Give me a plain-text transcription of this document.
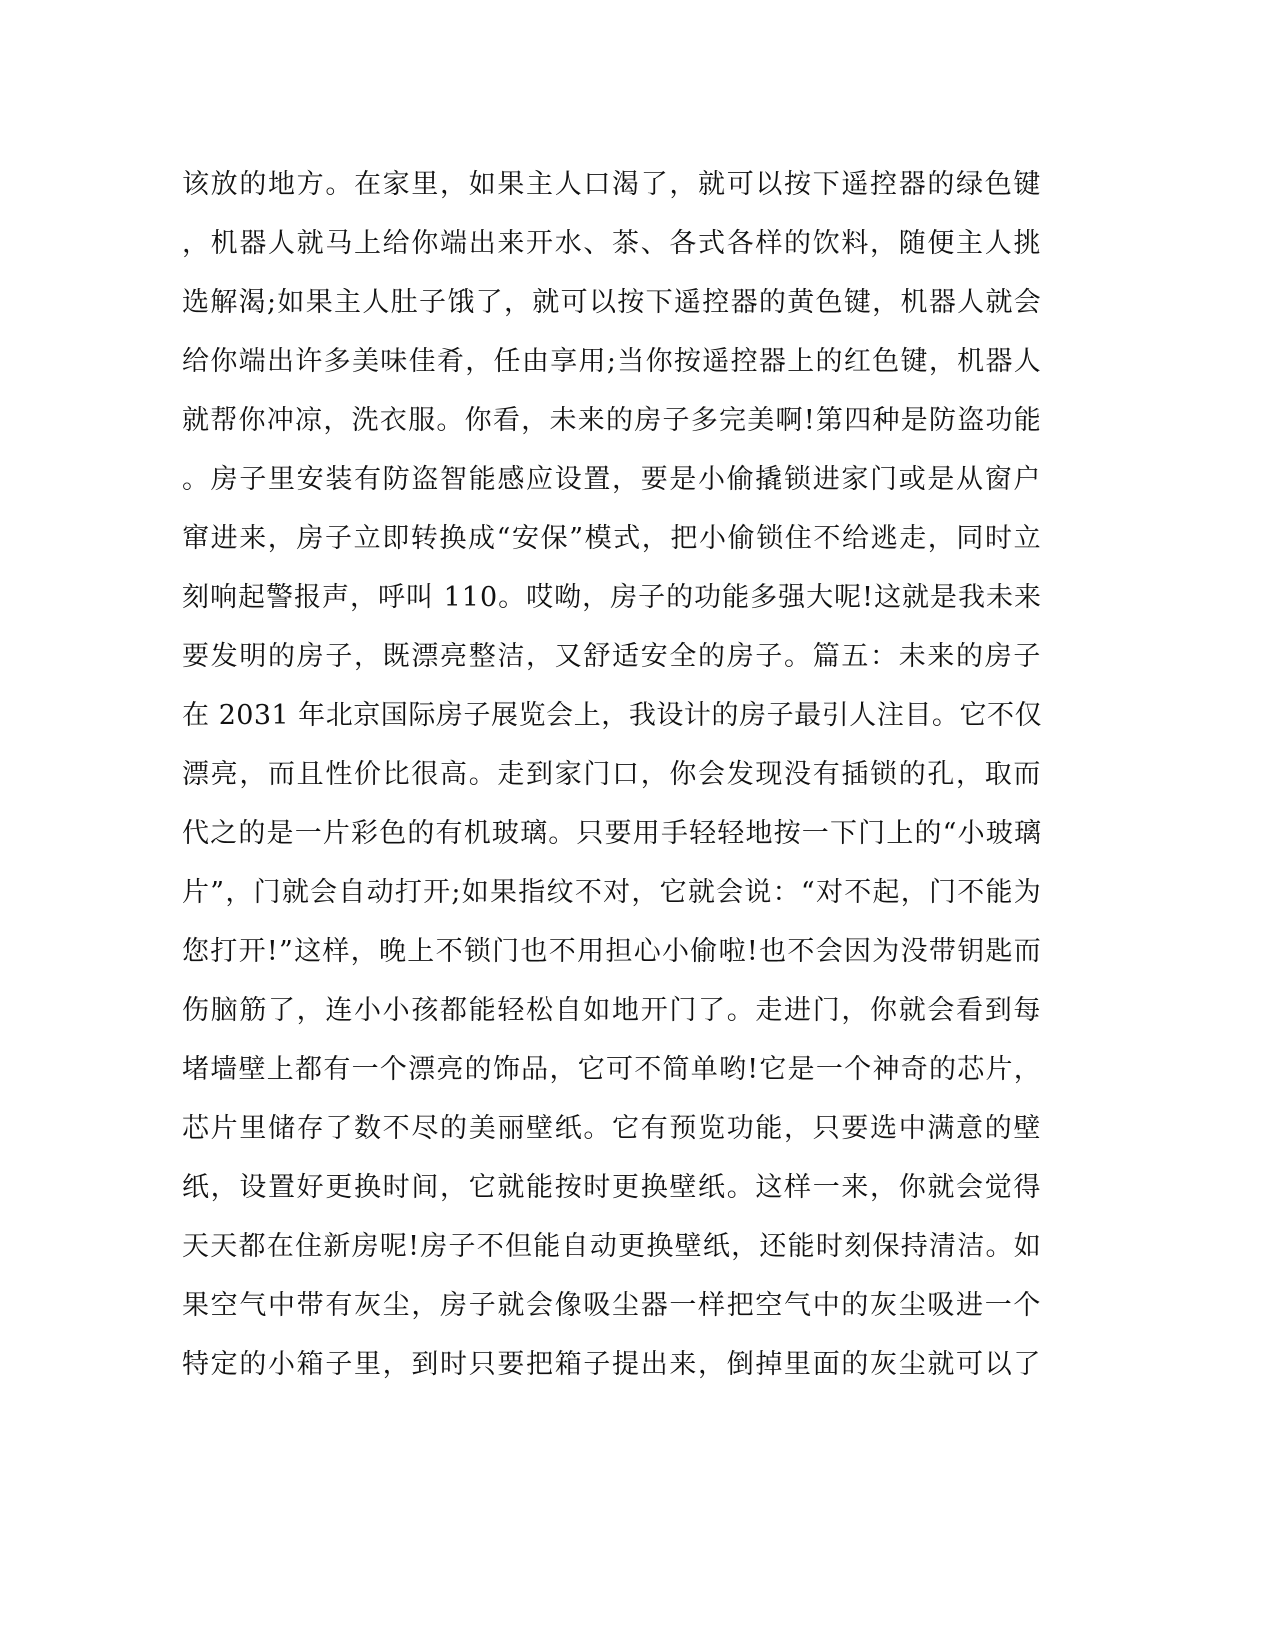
该放的地方。在家里，如果主人口渴了，就可以按下遥控器的绿色键
，机器人就马上给你端出来开水、茶、各式各样的饮料，随便主人挑
选解渴;如果主人肚子饿了，就可以按下遥控器的黄色键，机器人就会
给你端出许多美味佳肴，任由享用;当你按遥控器上的红色键，机器人
就帮你冲凉，洗衣服。你看，未来的房子多完美啊!第四种是防盗功能
。房子里安装有防盗智能感应设置，要是小偷撬锁进家门或是从窗户
窜进来，房子立即转换成“安保”模式，把小偷锁住不给逃走，同时立
刻响起警报声，呼叫 110。哎呦，房子的功能多强大呢!这就是我未来
要发明的房子，既漂亮整洁，又舒适安全的房子。篇五：未来的房子
在 2031 年北京国际房子展览会上，我设计的房子最引人注目。它不仅
漂亮，而且性价比很高。走到家门口，你会发现没有插锁的孔，取而
代之的是一片彩色的有机玻璃。只要用手轻轻地按一下门上的“小玻璃
片”，门就会自动打开;如果指纹不对，它就会说：“对不起，门不能为
您打开!”这样，晚上不锁门也不用担心小偷啦!也不会因为没带钥匙而
伤脑筋了，连小小孩都能轻松自如地开门了。走进门，你就会看到每
堵墙壁上都有一个漂亮的饰品，它可不简单哟!它是一个神奇的芯片，
芯片里储存了数不尽的美丽壁纸。它有预览功能，只要选中满意的壁
纸，设置好更换时间，它就能按时更换壁纸。这样一来，你就会觉得
天天都在住新房呢!房子不但能自动更换壁纸，还能时刻保持清洁。如
果空气中带有灰尘，房子就会像吸尘器一样把空气中的灰尘吸进一个
特定的小箱子里，到时只要把箱子提出来，倒掉里面的灰尘就可以了
